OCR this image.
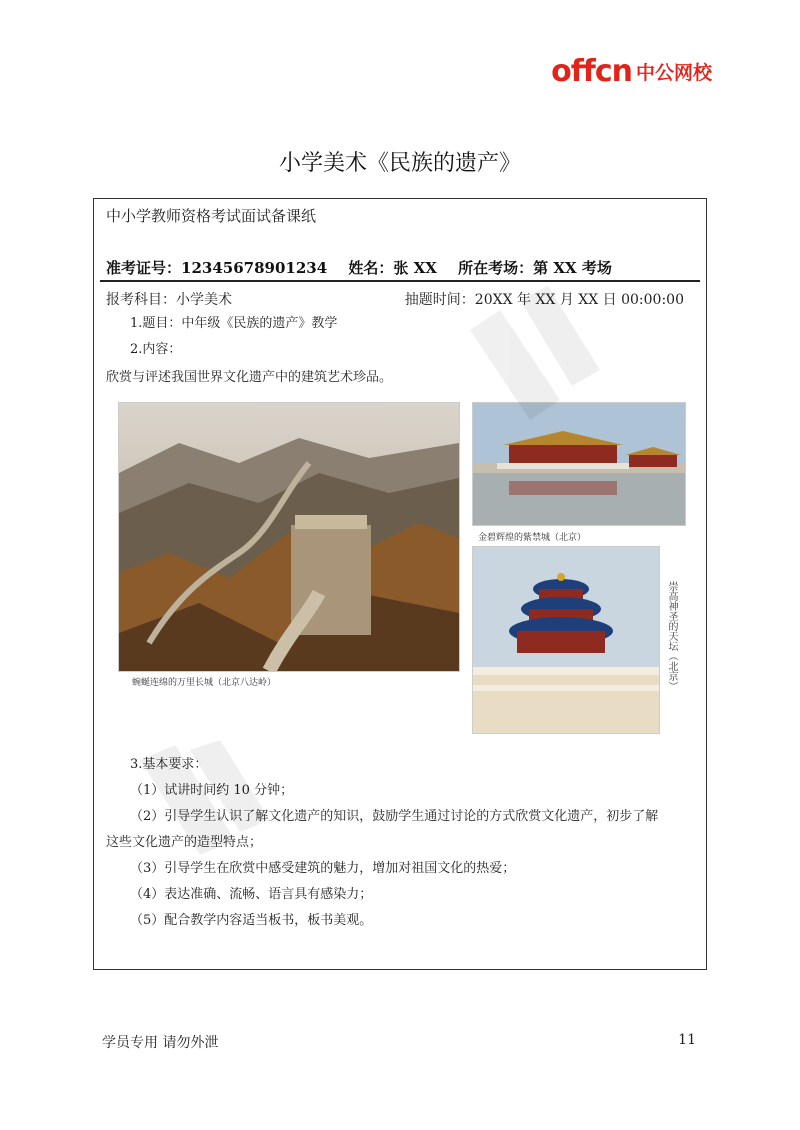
offcn 中公网校
小学美术《民族的遗产》
中小学教师资格考试面试备课纸
准考证号：12345678901234 姓名：张 XX 所在考场：第 XX 考场
报考科目：小学美术	抽题时间：20XX 年 XX 月 XX 日 00:00:00
1.题目：中年级《民族的遗产》教学
2.内容：
欣赏与评述我国世界文化遗产中的建筑艺术珍品。
蜿蜒连绵的万里长城（北京八达岭）
金碧辉煌的紫禁城（北京）
崇高神圣的天坛（北京）
3.基本要求：
（1）试讲时间约 10 分钟；
（2）引导学生认识了解文化遗产的知识，鼓励学生通过讨论的方式欣赏文化遗产，初步了解
这些文化遗产的造型特点；
（3）引导学生在欣赏中感受建筑的魅力，增加对祖国文化的热爱；
（4）表达准确、流畅、语言具有感染力；
（5）配合教学内容适当板书，板书美观。
学员专用 请勿外泄	11
